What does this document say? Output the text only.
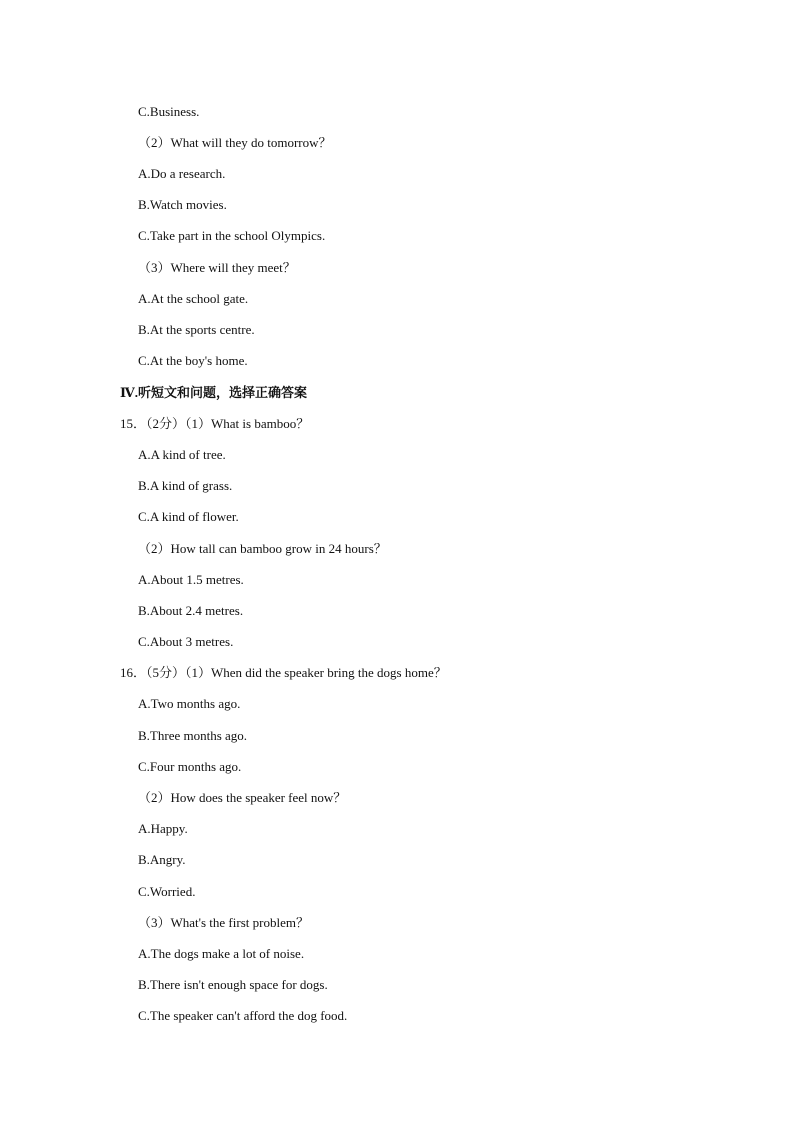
C.Business.
（2）What will they do tomorrow？
A.Do a research.
B.Watch movies.
C.Take part in the school Olympics.
（3）Where will they meet？
A.At the school gate.
B.At the sports centre.
C.At the boy's home.
Ⅳ.听短文和问题，选择正确答案
15．（2分）（1）What is bamboo？
A.A kind of tree.
B.A kind of grass.
C.A kind of flower.
（2）How tall can bamboo grow in 24 hours？
A.About 1.5 metres.
B.About 2.4 metres.
C.About 3 metres.
16．（5分）（1）When did the speaker bring the dogs home？
A.Two months ago.
B.Three months ago.
C.Four months ago.
（2）How does the speaker feel now？
A.Happy.
B.Angry.
C.Worried.
（3）What's the first problem？
A.The dogs make a lot of noise.
B.There isn't enough space for dogs.
C.The speaker can't afford the dog food.
